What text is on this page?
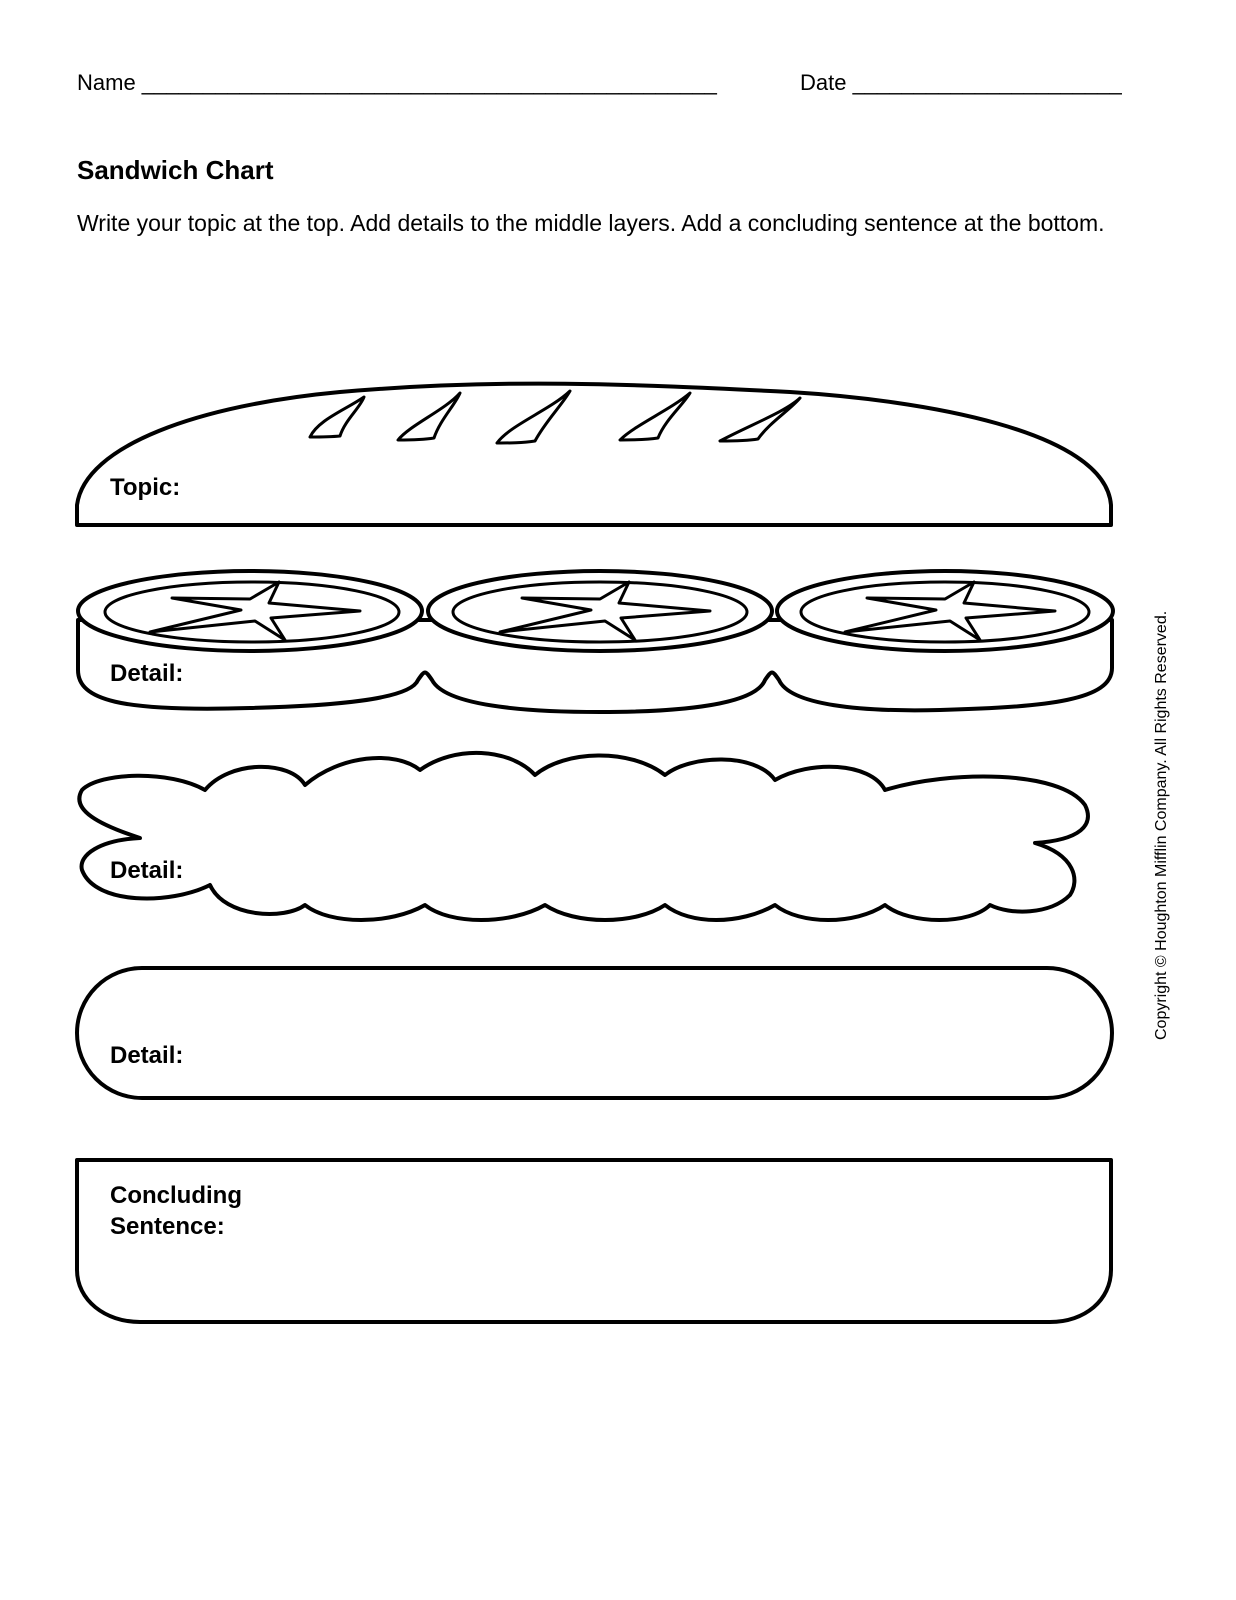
Name _______________________________________________	Date ______________________
Sandwich Chart
Write your topic at the top. Add details to the middle layers. Add a concluding sentence at the bottom.
Topic:
Detail:
Detail:
Detail:
Concluding Sentence:
Copyright © Houghton Mifflin Company. All Rights Reserved.
